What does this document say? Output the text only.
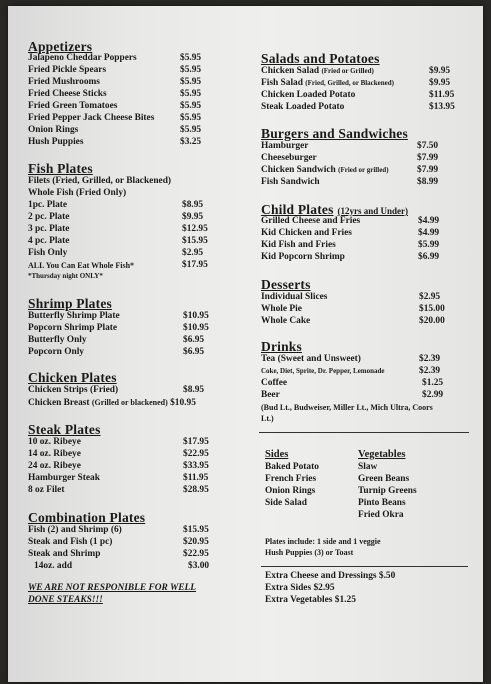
Appetizers
Jalapeno Cheddar Poppers	$5.95
Fried Pickle Spears	$5.95
Fried Mushrooms	$5.95
Fried Cheese Sticks	$5.95
Fried Green Tomatoes	$5.95
Fried Pepper Jack Cheese Bites	$5.95
Onion Rings	$5.95
Hush Puppies	$3.25
Fish Plates
Filets (Fried, Grilled, or Blackened)
Whole Fish (Fried Only)
1pc. Plate	$8.95
2 pc. Plate	$9.95
3 pc. Plate	$12.95
4 pc. Plate	$15.95
Fish Only	$2.95
ALL You Can Eat Whole Fish*	$17.95
*Thursday night ONLY*
Shrimp Plates
Butterfly Shrimp Plate	$10.95
Popcorn Shrimp Plate	$10.95
Butterfly Only	$6.95
Popcorn Only	$6.95
Chicken Plates
Chicken Strips (Fried)	$8.95
Chicken Breast (Grilled or blackened) $10.95
Steak Plates
10 oz. Ribeye	$17.95
14 oz. Ribeye	$22.95
24 oz. Ribeye	$33.95
Hamburger Steak	$11.95
8 oz Filet	$28.95
Combination Plates
Fish (2) and Shrimp (6)	$15.95
Steak and Fish (1 pc)	$20.95
Steak and Shrimp	$22.95
14oz. add	$3.00
WE ARE NOT RESPONIBLE FOR WELL
DONE STEAKS!!!
Salads and Potatoes
Chicken Salad (Fried or Grilled)	$9.95
Fish Salad (Fried, Grilled, or Blackened)	$9.95
Chicken Loaded Potato	$11.95
Steak Loaded Potato	$13.95
Burgers and Sandwiches
Hamburger	$7.50
Cheeseburger	$7.99
Chicken Sandwich (Fried or grilled)	$7.99
Fish Sandwich	$8.99
Child Plates (12yrs and Under)
Grilled Cheese and Fries	$4.99
Kid Chicken and Fries	$4.99
Kid Fish and Fries	$5.99
Kid Popcorn Shrimp	$6.99
Desserts
Individual Slices	$2.95
Whole Pie	$15.00
Whole Cake	$20.00
Drinks
Tea (Sweet and Unsweet)	$2.39
Coke, Diet, Sprite, Dr. Pepper, Lemonade	$2.39
Coffee	$1.25
Beer	$2.99
(Bud Lt., Budweiser, Miller Lt., Mich Ultra, Coors
Lt.)
Sides
Baked Potato
French Fries
Onion Rings
Side Salad
Vegetables
Slaw
Green Beans
Turnip Greens
Pinto Beans
Fried Okra
Plates include: 1 side and 1 veggie
Hush Puppies (3) or Toast
Extra Cheese and Dressings $.50
Extra Sides $2.95
Extra Vegetables $1.25
